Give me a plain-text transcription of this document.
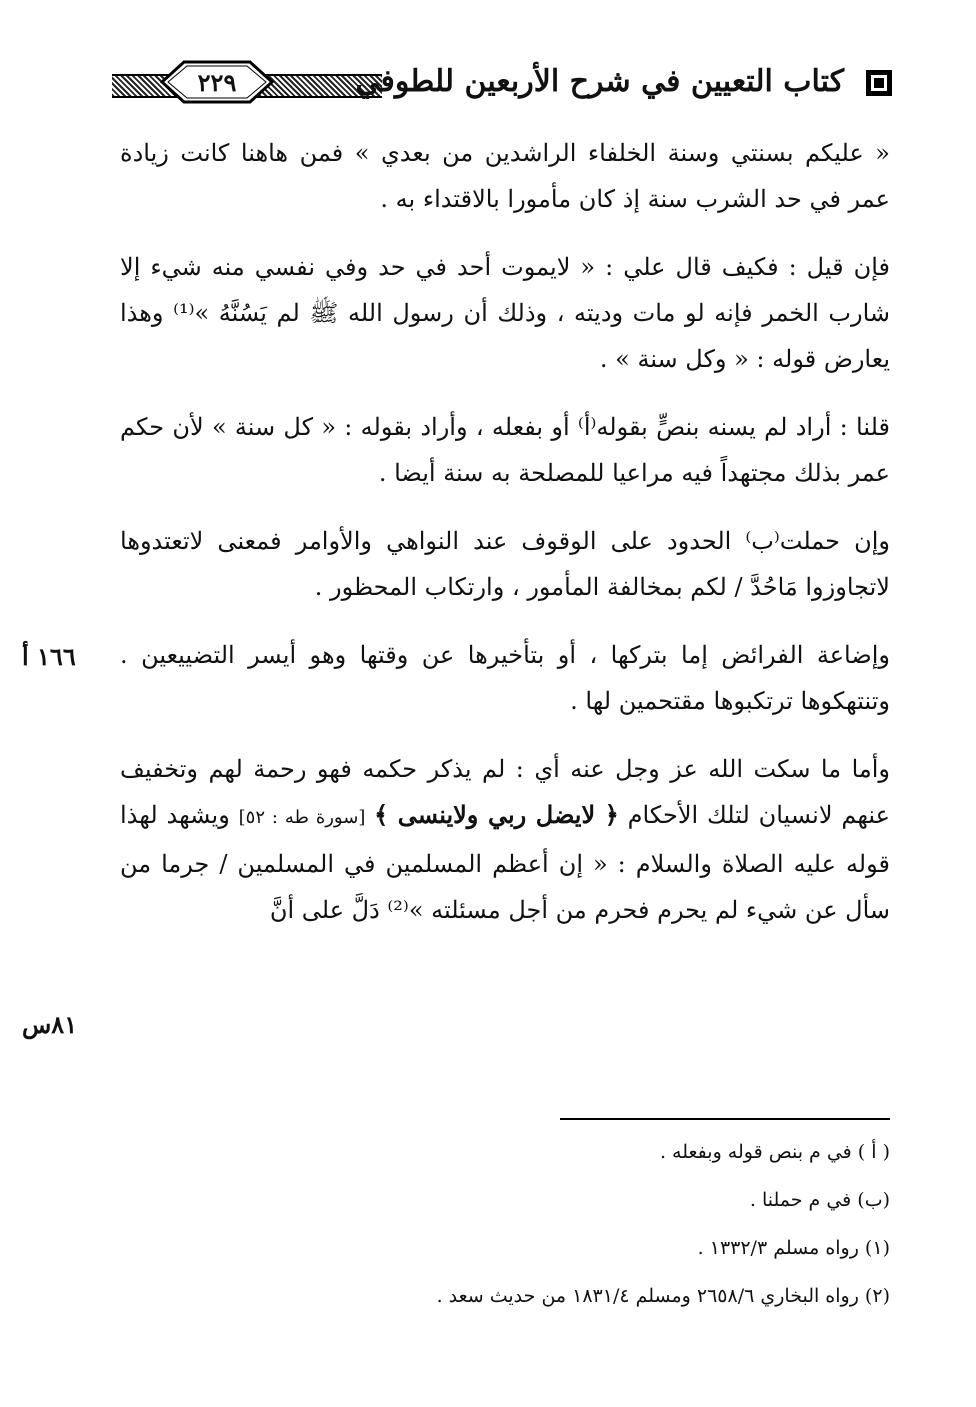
٢٢٩	كتاب التعيين في شرح الأربعين للطوفي

« عليكم بسنتي وسنة الخلفاء الراشدين من بعدي » فمن هاهنا كانت زيادة عمر في حد الشرب سنة إذ كان مأمورا بالاقتداء به .

فإن قيل : فكيف قال علي : « لايموت أحد في حد وفي نفسي منه شيء إلا شارب الخمر فإنه لو مات وديته ، وذلك أن رسول الله ﷺ لم يَسُنَّهُ »⁽¹⁾ وهذا يعارض قوله : « وكل سنة » .

قلنا : أراد لم يسنه بنصٍّ بقوله⁽أ⁾ أو بفعله ، وأراد بقوله : « كل سنة » لأن حكم عمر بذلك مجتهداً فيه مراعيا للمصلحة به سنة أيضا .

وإن حملت⁽ب⁾ الحدود على الوقوف عند النواهي والأوامر فمعنى لاتعتدوها لاتجاوزوا مَاحُدَّ / لكم بمخالفة المأمور ، وارتكاب المحظور .

وإضاعة الفرائض إما بتركها ، أو بتأخيرها عن وقتها وهو أيسر التضييعين . وتنتهكوها ترتكبوها مقتحمين لها .

وأما ما سكت الله عز وجل عنه أي : لم يذكر حكمه فهو رحمة لهم وتخفيف عنهم لانسيان لتلك الأحكام ﴿ لايضل ربي ولاينسى ﴾ [سورة طه : ٥٢] ويشهد لهذا قوله عليه الصلاة والسلام : « إن أعظم المسلمين في المسلمين / جرما من سأل عن شيء لم يحرم فحرم من أجل مسئلته »⁽²⁾ دَلَّ على أنَّ

١٦٦ أ
٨١س

( أ ) في م بنص قوله وبفعله .

(ب) في م حملنا .

(١) رواه مسلم ١٣٣٢/٣ .

(٢) رواه البخاري ٢٦٥٨/٦ ومسلم ١٨٣١/٤ من حديث سعد .
